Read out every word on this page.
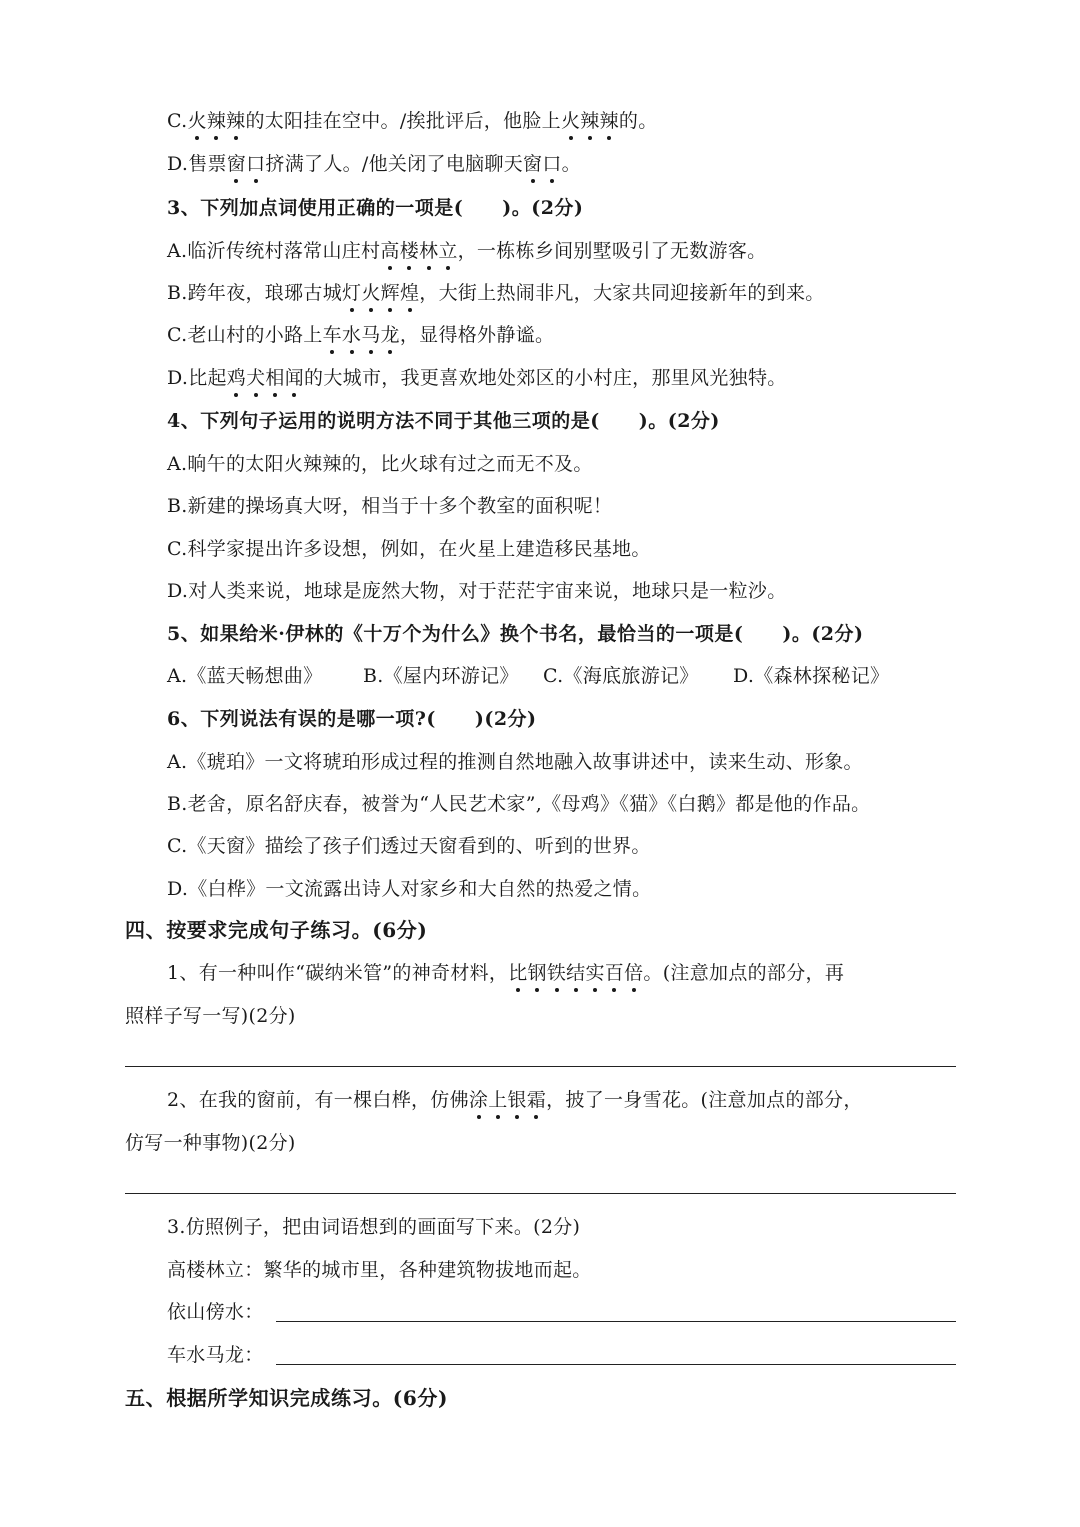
C.火辣辣的太阳挂在空中。/挨批评后，他脸上火辣辣的。
D.售票窗口挤满了人。/他关闭了电脑聊天窗口。
3、下列加点词使用正确的一项是(　　)。(2分)
A.临沂传统村落常山庄村高楼林立，一栋栋乡间别墅吸引了无数游客。
B.跨年夜，琅琊古城灯火辉煌，大街上热闹非凡，大家共同迎接新年的到来。
C.老山村的小路上车水马龙，显得格外静谧。
D.比起鸡犬相闻的大城市，我更喜欢地处郊区的小村庄，那里风光独特。
4、下列句子运用的说明方法不同于其他三项的是(　　)。(2分)
A.晌午的太阳火辣辣的，比火球有过之而无不及。
B.新建的操场真大呀，相当于十多个教室的面积呢！
C.科学家提出许多设想，例如，在火星上建造移民基地。
D.对人类来说，地球是庞然大物，对于茫茫宇宙来说，地球只是一粒沙。
5、如果给米·伊林的《十万个为什么》换个书名，最恰当的一项是(　　)。(2分)
A.《蓝天畅想曲》 B.《屋内环游记》 C.《海底旅游记》 D.《森林探秘记》
6、下列说法有误的是哪一项?(　　)(2分)
A.《琥珀》一文将琥珀形成过程的推测自然地融入故事讲述中，读来生动、形象。
B.老舍，原名舒庆春，被誉为“人民艺术家”,《母鸡》《猫》《白鹅》都是他的作品。
C.《天窗》描绘了孩子们透过天窗看到的、听到的世界。
D.《白桦》一文流露出诗人对家乡和大自然的热爱之情。
四、按要求完成句子练习。(6分)
1、有一种叫作“碳纳米管”的神奇材料，比钢铁结实百倍。(注意加点的部分，再
照样子写一写)(2分)
2、在我的窗前，有一棵白桦，仿佛涂上银霜，披了一身雪花。(注意加点的部分，
仿写一种事物)(2分)
3.仿照例子，把由词语想到的画面写下来。(2分)
高楼林立：繁华的城市里，各种建筑物拔地而起。
依山傍水：
车水马龙：
五、根据所学知识完成练习。(6分)
